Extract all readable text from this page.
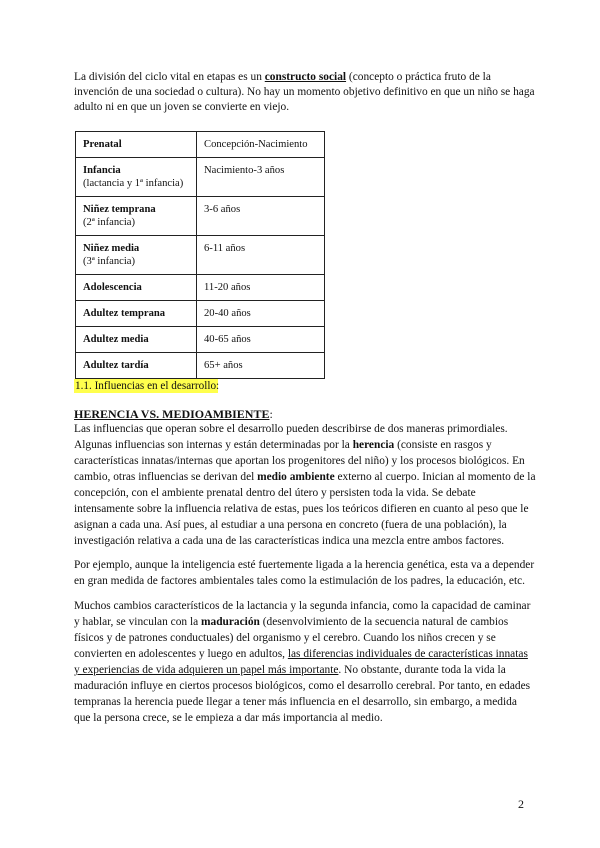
La división del ciclo vital en etapas es un constructo social (concepto o práctica fruto de la invención de una sociedad o cultura). No hay un momento objetivo definitivo en que un niño se haga adulto ni en que un joven se convierte en viejo.

Prenatal	Concepción-Nacimiento
Infancia
(lactancia y 1ª infancia)	Nacimiento-3 años
Niñez temprana
(2ª infancia)	3-6 años
Niñez media
(3ª infancia)	6-11 años
Adolescencia	11-20 años
Adultez temprana	20-40 años
Adultez media	40-65 años
Adultez tardía	65+ años
1.1. Influencias en el desarrollo:

HERENCIA VS. MEDIOAMBIENTE:

Las influencias que operan sobre el desarrollo pueden describirse de dos maneras primordiales. Algunas influencias son internas y están determinadas por la herencia (consiste en rasgos y características innatas/internas que aportan los progenitores del niño) y los procesos biológicos. En cambio, otras influencias se derivan del medio ambiente externo al cuerpo. Inician al momento de la concepción, con el ambiente prenatal dentro del útero y persisten toda la vida. Se debate intensamente sobre la influencia relativa de estas, pues los teóricos difieren en cuanto al peso que le asignan a cada una. Así pues, al estudiar a una persona en concreto (fuera de una población), la investigación relativa a cada una de las características indica una mezcla entre ambos factores.

Por ejemplo, aunque la inteligencia esté fuertemente ligada a la herencia genética, esta va a depender en gran medida de factores ambientales tales como la estimulación de los padres, la educación, etc.

Muchos cambios característicos de la lactancia y la segunda infancia, como la capacidad de caminar y hablar, se vinculan con la maduración (desenvolvimiento de la secuencia natural de cambios físicos y de patrones conductuales) del organismo y el cerebro. Cuando los niños crecen y se convierten en adolescentes y luego en adultos, las diferencias individuales de características innatas y experiencias de vida adquieren un papel más importante. No obstante, durante toda la vida la maduración influye en ciertos procesos biológicos, como el desarrollo cerebral. Por tanto, en edades tempranas la herencia puede llegar a tener más influencia en el desarrollo, sin embargo, a medida que la persona crece, se le empieza a dar más importancia al medio.

2
